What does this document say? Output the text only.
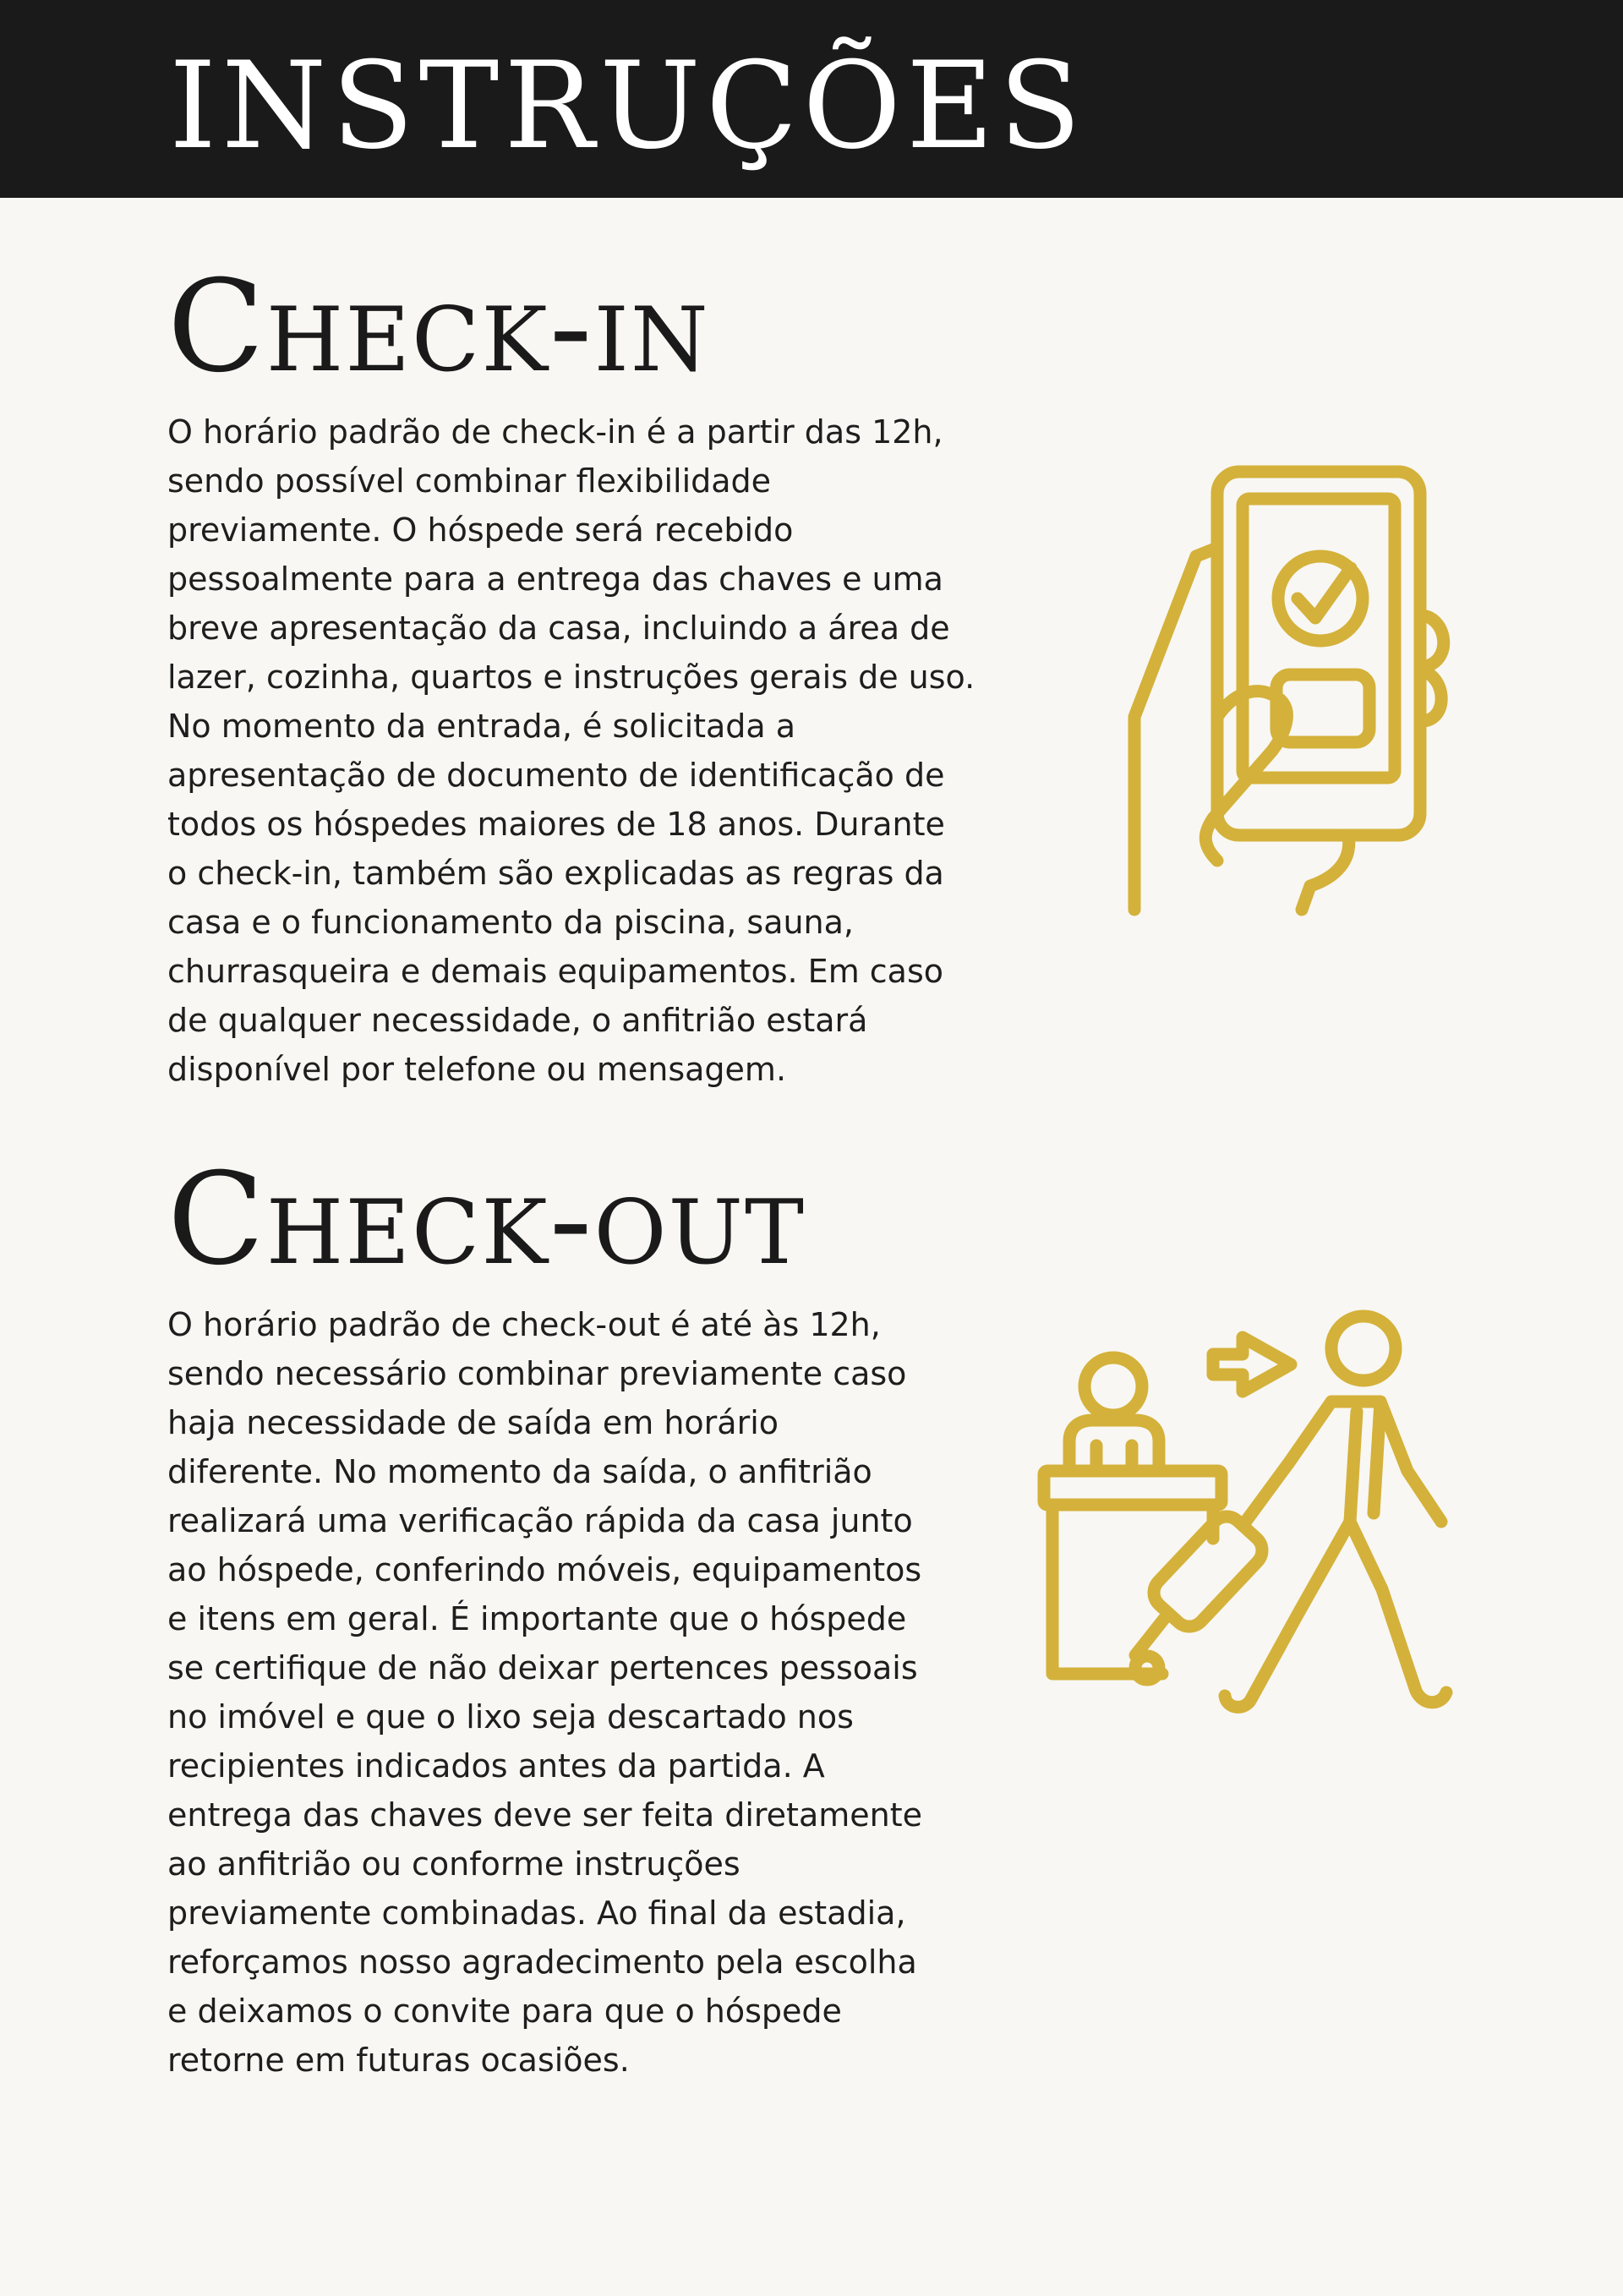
INSTRUÇÕES
Check-in

O horário padrão de check-in é a partir das 12h,
sendo possível combinar flexibilidade
previamente. O hóspede será recebido
pessoalmente para a entrega das chaves e uma
breve apresentação da casa, incluindo a área de
lazer, cozinha, quartos e instruções gerais de uso.
No momento da entrada, é solicitada a
apresentação de documento de identificação de
todos os hóspedes maiores de 18 anos. Durante
o check-in, também são explicadas as regras da
casa e o funcionamento da piscina, sauna,
churrasqueira e demais equipamentos. Em caso
de qualquer necessidade, o anfitrião estará
disponível por telefone ou mensagem.

Check-out

O horário padrão de check-out é até às 12h,
sendo necessário combinar previamente caso
haja necessidade de saída em horário
diferente. No momento da saída, o anfitrião
realizará uma verificação rápida da casa junto
ao hóspede, conferindo móveis, equipamentos
e itens em geral. É importante que o hóspede
se certifique de não deixar pertences pessoais
no imóvel e que o lixo seja descartado nos
recipientes indicados antes da partida. A
entrega das chaves deve ser feita diretamente
ao anfitrião ou conforme instruções
previamente combinadas. Ao final da estadia,
reforçamos nosso agradecimento pela escolha
e deixamos o convite para que o hóspede
retorne em futuras ocasiões.
